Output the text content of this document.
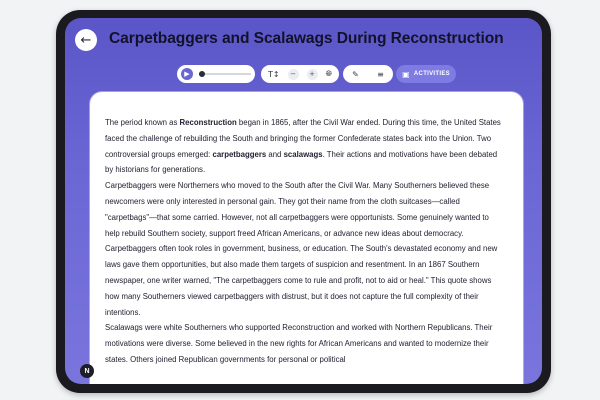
← Carpetbaggers and Scalawags During Reconstruction
▶	T↕ − + 🌐︎	✎ ≡ ▣ ACTIVITIES

The period known as Reconstruction began in 1865, after the Civil War ended. During this time, the United States faced the challenge of rebuilding the South and bringing the former Confederate states back into the Union. Two controversial groups emerged: carpetbaggers and scalawags. Their actions and motivations have been debated by historians for generations.

Carpetbaggers were Northerners who moved to the South after the Civil War. Many Southerners believed these newcomers were only interested in personal gain. They got their name from the cloth suitcases—called "carpetbags"—that some carried. However, not all carpetbaggers were opportunists. Some genuinely wanted to help rebuild Southern society, support freed African Americans, or advance new ideas about democracy. Carpetbaggers often took roles in government, business, or education. The South's devastated economy and new laws gave them opportunities, but also made them targets of suspicion and resentment. In an 1867 Southern newspaper, one writer warned, "The carpetbaggers come to rule and profit, not to aid or heal." This quote shows how many Southerners viewed carpetbaggers with distrust, but it does not capture the full complexity of their intentions.

Scalawags were white Southerners who supported Reconstruction and worked with Northern Republicans. Their motivations were diverse. Some believed in the new rights for African Americans and wanted to modernize their states. Others joined Republican governments for personal or political

N
